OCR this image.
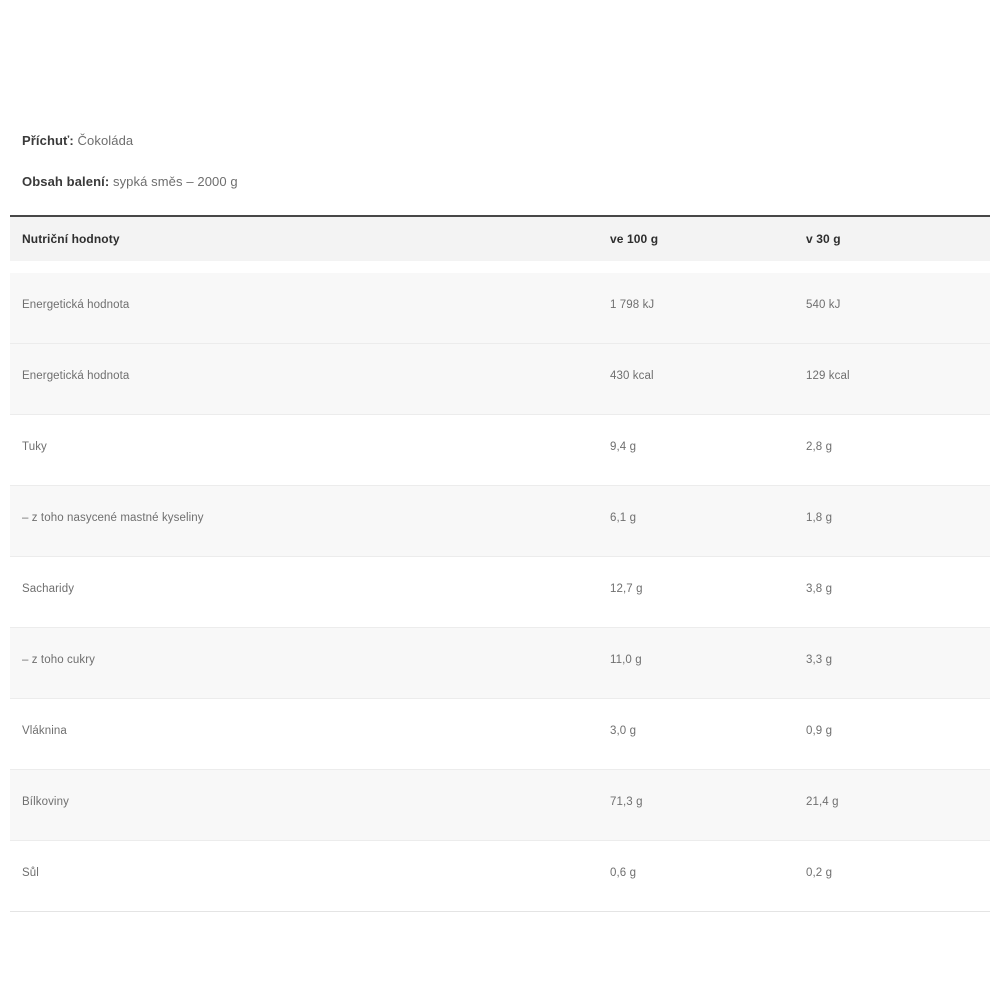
Příchuť: Čokoláda

Obsah balení: sypká směs – 2000 g

Nutriční hodnoty	ve 100 g	v 30 g
Energetická hodnota	1 798 kJ	540 kJ
Energetická hodnota	430 kcal	129 kcal
Tuky	9,4 g	2,8 g
– z toho nasycené mastné kyseliny	6,1 g	1,8 g
Sacharidy	12,7 g	3,8 g
– z toho cukry	11,0 g	3,3 g
Vláknina	3,0 g	0,9 g
Bílkoviny	71,3 g	21,4 g
Sůl	0,6 g	0,2 g
